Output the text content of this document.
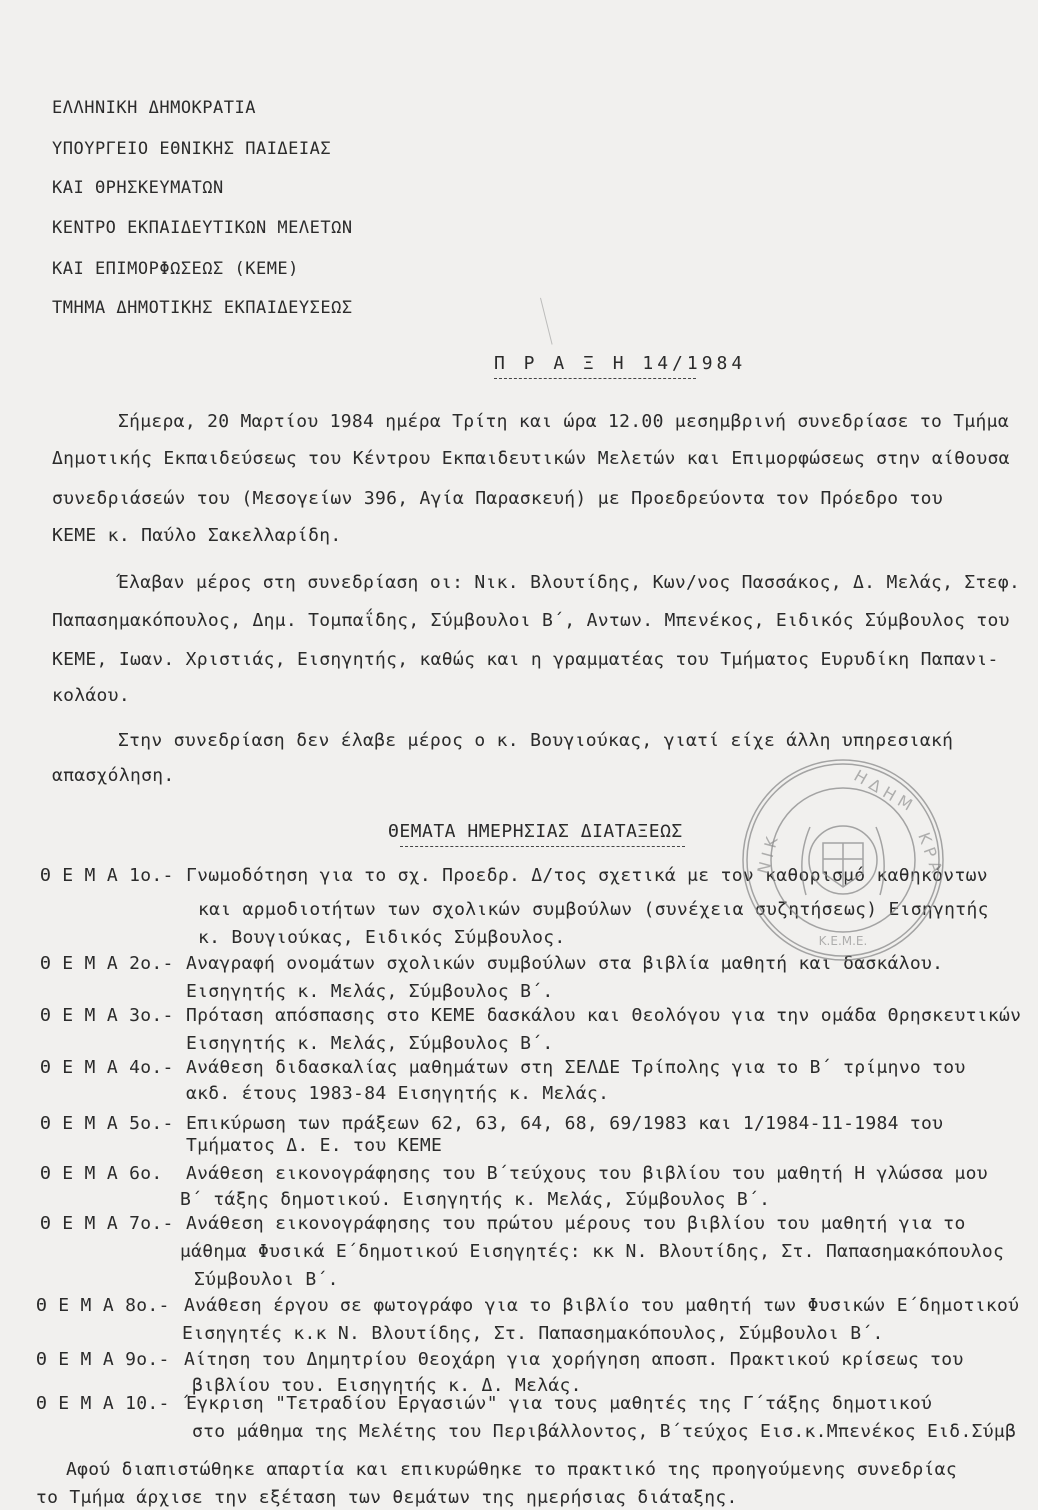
ΕΛΛΗΝΙΚΗ ΔΗΜΟΚΡΑΤΙΑ
ΥΠΟΥΡΓΕΙΟ ΕΘΝΙΚΗΣ ΠΑΙΔΕΙΑΣ
ΚΑΙ ΘΡΗΣΚΕΥΜΑΤΩΝ
ΚΕΝΤΡΟ ΕΚΠΑΙΔΕΥΤΙΚΩΝ ΜΕΛΕΤΩΝ
ΚΑΙ ΕΠΙΜΟΡΦΩΣΕΩΣ (ΚΕΜΕ)
ΤΜΗΜΑ ΔΗΜΟΤΙΚΗΣ ΕΚΠΑΙΔΕΥΣΕΩΣ
Π Ρ Α Ξ Η 14/1984
Σήμερα, 20 Μαρτίου 1984 ημέρα Τρίτη και ώρα 12.00 μεσημβρινή συνεδρίασε το Τμήμα
Δημοτικής Εκπαιδεύσεως του Κέντρου Εκπαιδευτικών Μελετών και Επιμορφώσεως στην αίθουσα
συνεδριάσεών του (Μεσογείων 396, Αγία Παρασκευή) με Προεδρεύοντα τον Πρόεδρο του
ΚΕΜΕ κ. Παύλο Σακελλαρίδη.
Έλαβαν μέρος στη συνεδρίαση οι: Νικ. Βλουτίδης, Κων/νος Πασσάκος, Δ. Μελάς, Στεφ.
Παπασημακόπουλος, Δημ. Τομπαΐδης, Σύμβουλοι Β΄, Αντων. Μπενέκος, Ειδικός Σύμβουλος του
ΚΕΜΕ, Ιωαν. Χριστιάς, Εισηγητής, καθώς και η γραμματέας του Τμήματος Ευρυδίκη Παπανι-
κολάου.
Στην συνεδρίαση δεν έλαβε μέρος ο κ. Βουγιούκας, γιατί είχε άλλη υπηρεσιακή
απασχόληση.
ΘΕΜΑΤΑ ΗΜΕΡΗΣΙΑΣ ΔΙΑΤΑΞΕΩΣ
Θ Ε Μ Α 1ο.- Γνωμοδότηση για το σχ. Προεδρ. Δ/τος σχετικά με τον καθορισμό καθηκόντων
και αρμοδιοτήτων των σχολικών συμβούλων (συνέχεια συζητήσεως) Εισηγητής
κ. Βουγιούκας, Ειδικός Σύμβουλος.
Θ Ε Μ Α 2ο.- Αναγραφή ονομάτων σχολικών συμβούλων στα βιβλία μαθητή και δασκάλου.
Εισηγητής κ. Μελάς, Σύμβουλος Β΄.
Θ Ε Μ Α 3ο.- Πρόταση απόσπασης στο ΚΕΜΕ δασκάλου και Θεολόγου για την ομάδα Θρησκευτικών
Εισηγητής κ. Μελάς, Σύμβουλος Β΄.
Θ Ε Μ Α 4ο.- Ανάθεση διδασκαλίας μαθημάτων στη ΣΕΛΔΕ Τρίπολης για το Β΄ τρίμηνο του
ακδ. έτους 1983-84 Εισηγητής κ. Μελάς.
Θ Ε Μ Α 5ο.- Επικύρωση των πράξεων 62, 63, 64, 68, 69/1983 και 1/1984-11-1984 του
Τμήματος Δ. Ε. του ΚΕΜΕ
Θ Ε Μ Α 6ο. Ανάθεση εικονογράφησης του Β΄τεύχους του βιβλίου του μαθητή Η γλώσσα μου
Β΄ τάξης δημοτικού. Εισηγητής κ. Μελάς, Σύμβουλος Β΄.
Θ Ε Μ Α 7ο.- Ανάθεση εικονογράφησης του πρώτου μέρους του βιβλίου του μαθητή για το
μάθημα Φυσικά Ε΄δημοτικού Εισηγητές: κκ Ν. Βλουτίδης, Στ. Παπασημακόπουλος
Σύμβουλοι Β΄.
Θ Ε Μ Α 8ο.- Ανάθεση έργου σε φωτογράφο για το βιβλίο του μαθητή των Φυσικών Ε΄δημοτικού
Εισηγητές κ.κ Ν. Βλουτίδης, Στ. Παπασημακόπουλος, Σύμβουλοι Β΄.
Θ Ε Μ Α 9ο.- Αίτηση του Δημητρίου Θεοχάρη για χορήγηση αποσπ. Πρακτικού κρίσεως του
βιβλίου του. Εισηγητής κ. Δ. Μελάς.
Θ Ε Μ Α 10.- Έγκριση "Τετραδίου Εργασιών" για τους μαθητές της Γ΄τάξης δημοτικού
στο μάθημα της Μελέτης του Περιβάλλοντος, Β΄τεύχος Εισ.κ.Μπενέκος Ειδ.Σύμβ
Αφού διαπιστώθηκε απαρτία και επικυρώθηκε το πρακτικό της προηγούμενης συνεδρίας
το Τμήμα άρχισε την εξέταση των θεμάτων της ημερήσιας διάταξης.
Η Δ Η Μ
Ν Ι Κ	Κ Ρ Α
Κ.Ε.Μ.Ε.
